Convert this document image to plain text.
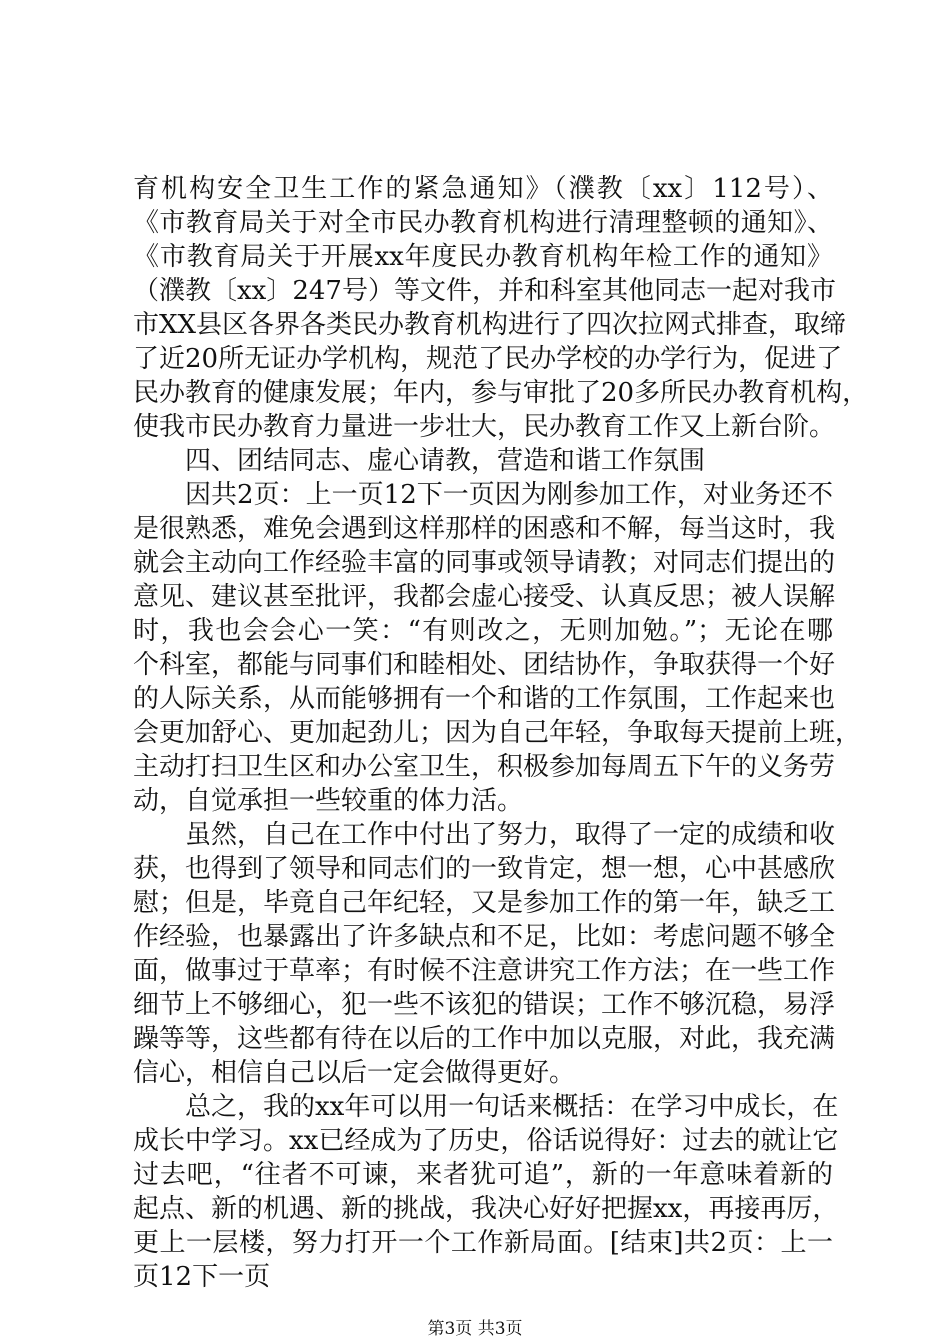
育机构安全卫生工作的紧急通知》（濮教〔xx〕112号）、
《市教育局关于对全市民办教育机构进行清理整顿的通知》、
《市教育局关于开展xx年度民办教育机构年检工作的通知》
（濮教〔xx〕247号）等文件，并和科室其他同志一起对我市
市XX县区各界各类民办教育机构进行了四次拉网式排查，取缔
了近20所无证办学机构，规范了民办学校的办学行为，促进了
民办教育的健康发展；年内，参与审批了20多所民办教育机构，
使我市民办教育力量进一步壮大，民办教育工作又上新台阶。
四、团结同志、虚心请教，营造和谐工作氛围
因共2页：上一页12下一页因为刚参加工作，对业务还不
是很熟悉，难免会遇到这样那样的困惑和不解，每当这时，我
就会主动向工作经验丰富的同事或领导请教；对同志们提出的
意见、建议甚至批评，我都会虚心接受、认真反思；被人误解
时，我也会会心一笑：“有则改之，无则加勉。”；无论在哪
个科室，都能与同事们和睦相处、团结协作，争取获得一个好
的人际关系，从而能够拥有一个和谐的工作氛围，工作起来也
会更加舒心、更加起劲儿；因为自己年轻，争取每天提前上班，
主动打扫卫生区和办公室卫生，积极参加每周五下午的义务劳
动，自觉承担一些较重的体力活。
虽然，自己在工作中付出了努力，取得了一定的成绩和收
获，也得到了领导和同志们的一致肯定，想一想，心中甚感欣
慰；但是，毕竟自己年纪轻，又是参加工作的第一年，缺乏工
作经验，也暴露出了许多缺点和不足，比如：考虑问题不够全
面，做事过于草率；有时候不注意讲究工作方法；在一些工作
细节上不够细心，犯一些不该犯的错误；工作不够沉稳，易浮
躁等等，这些都有待在以后的工作中加以克服，对此，我充满
信心，相信自己以后一定会做得更好。
总之，我的xx年可以用一句话来概括：在学习中成长，在
成长中学习。xx已经成为了历史，俗话说得好：过去的就让它
过去吧，“往者不可谏，来者犹可追”，新的一年意味着新的
起点、新的机遇、新的挑战，我决心好好把握xx，再接再厉，
更上一层楼，努力打开一个工作新局面。[结束]共2页：上一
第3页 共3页
页12下一页
